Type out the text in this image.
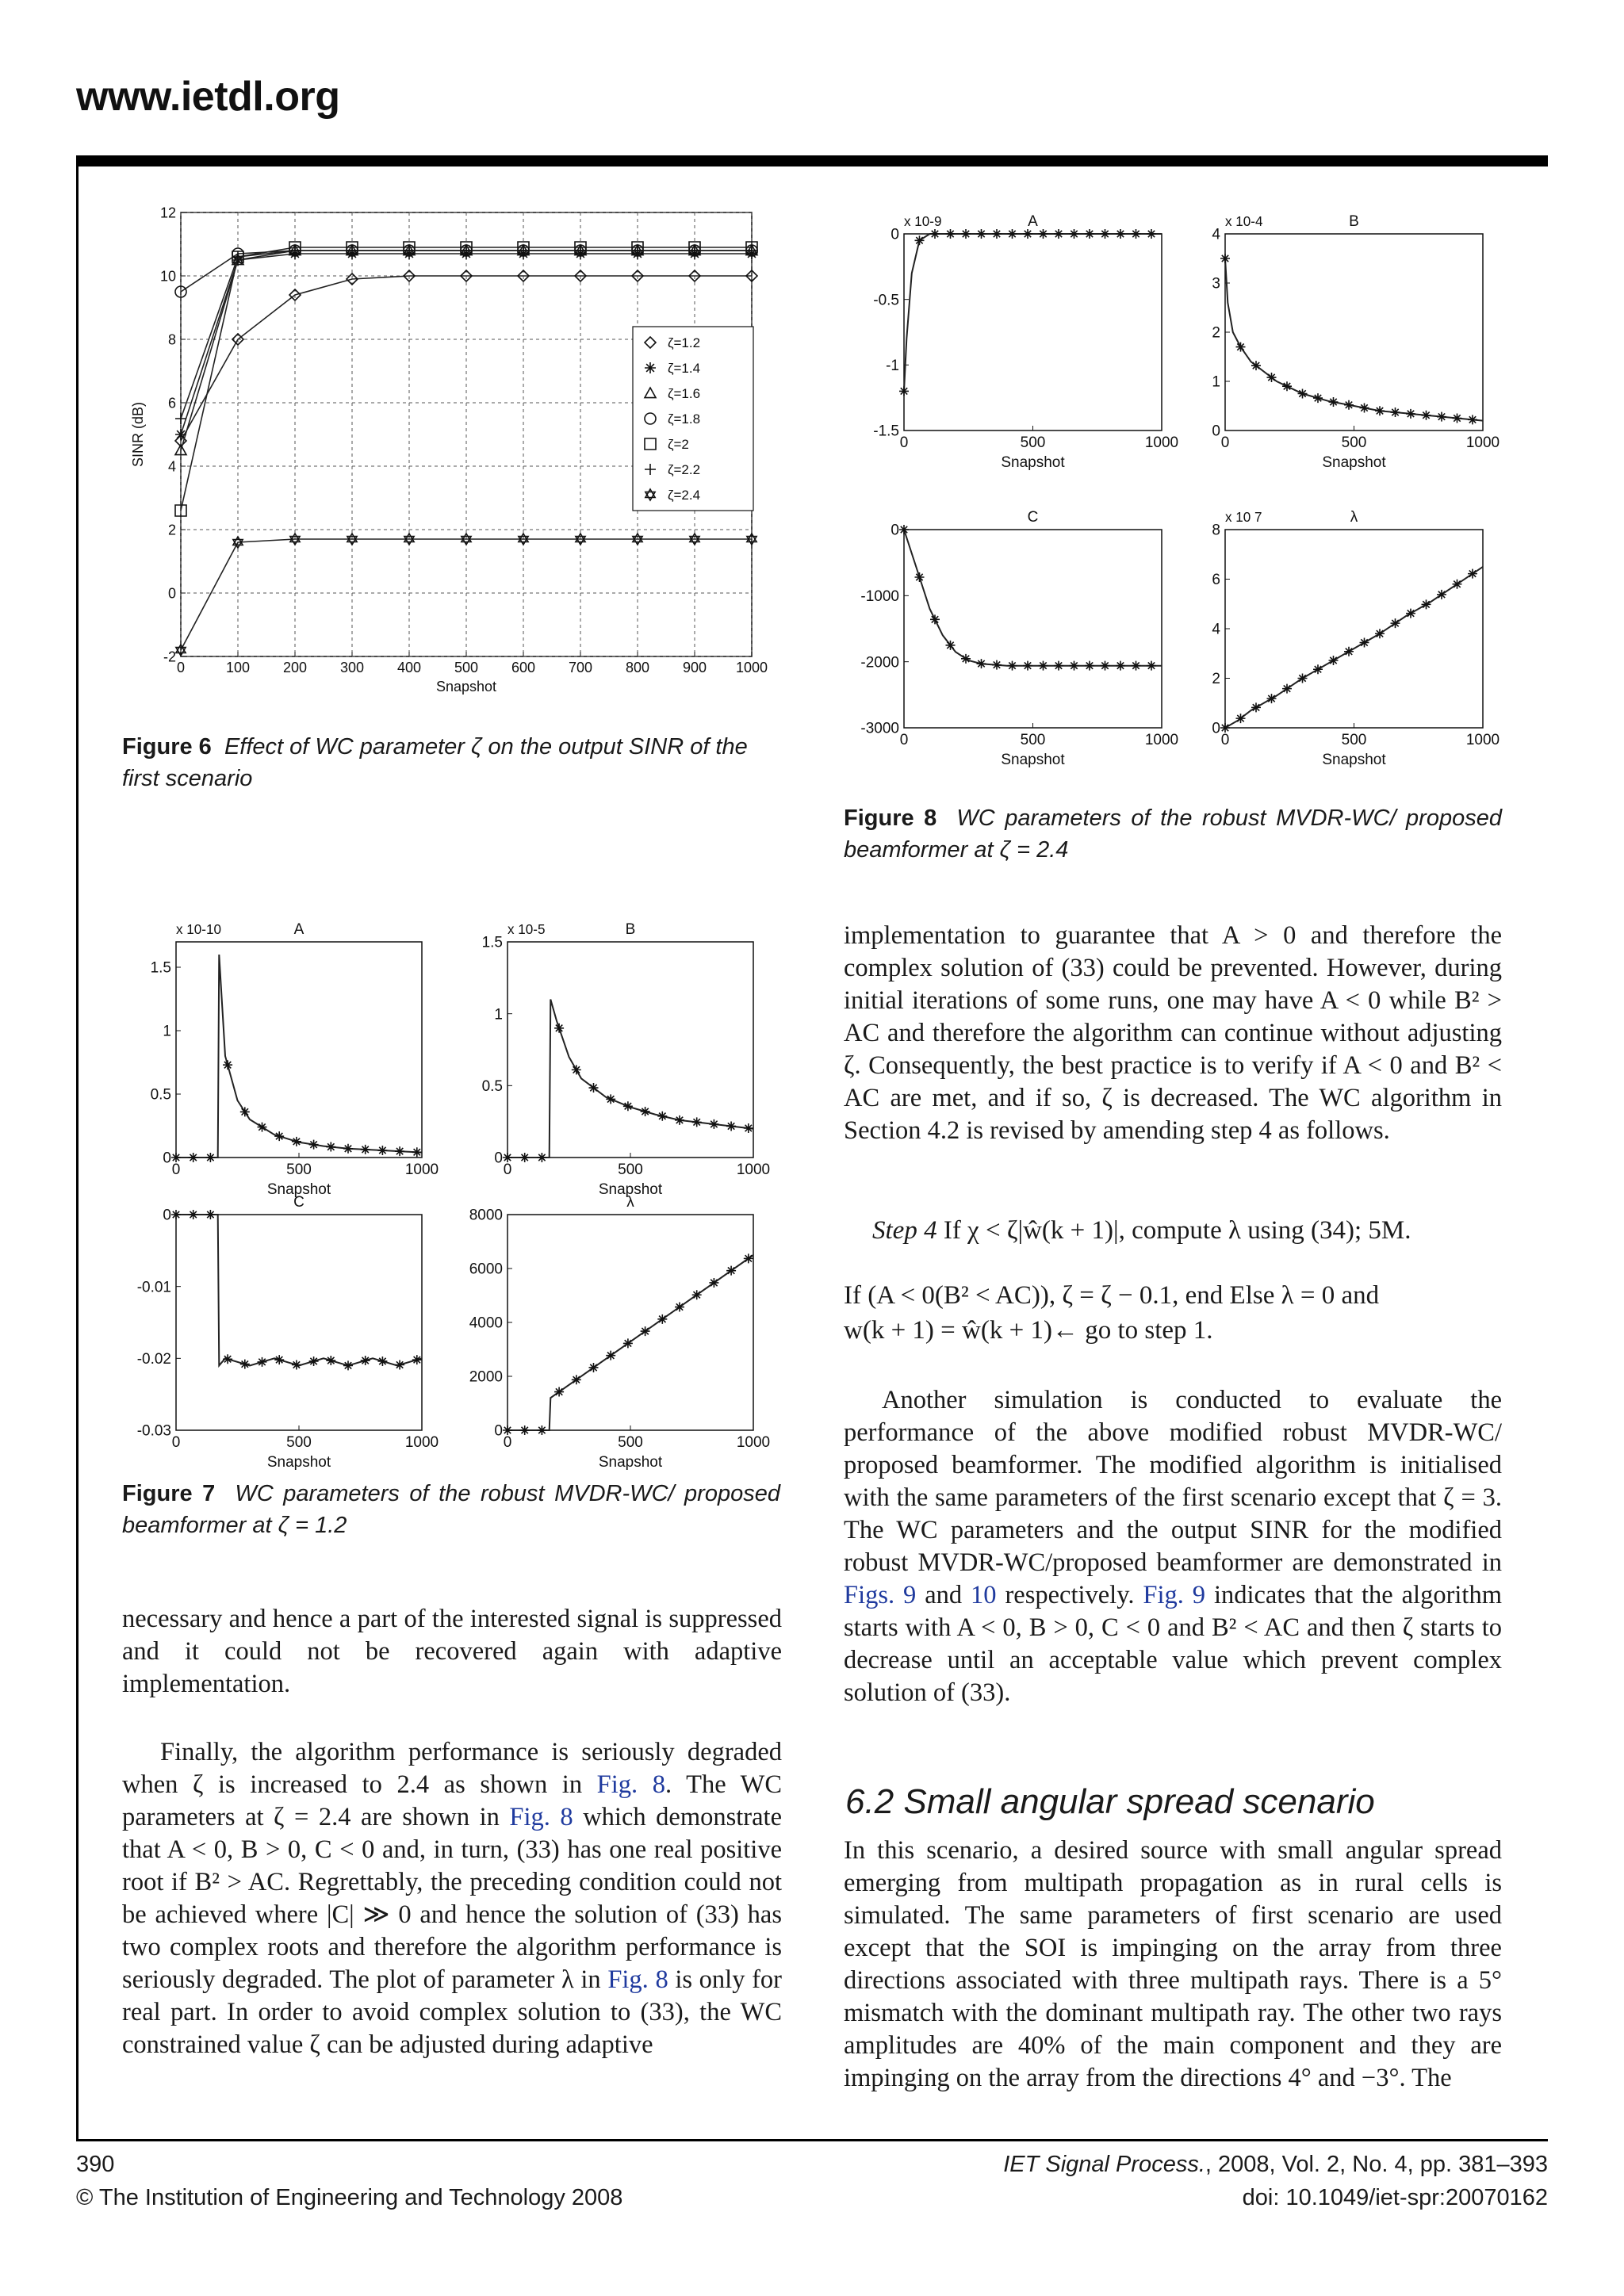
www.ietdl.org
0	100 200 300 400 500 600 700 800 900 1000
-2
0
2
4
6
8
10
12
Snapshot
SINR (dB)
ζ=1.2
ζ=1.4
ζ=1.6
ζ=1.8
ζ=2
ζ=2.2
ζ=2.4
Figure 6 Effect of WC parameter ζ on the output SINR of the first scenario
0	500	1000
-1.5
-1
-0.5
0
Snapshot
A
x 10-9
0	500	1000
0
1
2
3
4
Snapshot
B
x 10-4
0	500	1000
-3000
-2000
-1000
0
Snapshot
C
0	500	1000
0
2
4
6
8
Snapshot
λ
x 10 7
Figure 8 WC parameters of the robust MVDR-WC/ proposed beamformer at ζ = 2.4
0	500	1000
0
0.5
1
1.5
Snapshot
A
x 10-10
0	500	1000
0
0.5
1
1.5
Snapshot
B
x 10-5
0	500	1000
-0.03
-0.02
-0.01
0
Snapshot
C
0	500	1000
0
2000
4000
6000
8000
Snapshot
λ
Figure 7 WC parameters of the robust MVDR-WC/ proposed beamformer at ζ = 1.2

necessary and hence a part of the interested signal is suppressed and it could not be recovered again with adaptive implementation.

Finally, the algorithm performance is seriously degraded when ζ is increased to 2.4 as shown in Fig. 8. The WC parameters at ζ = 2.4 are shown in Fig. 8 which demonstrate that A < 0, B > 0, C < 0 and, in turn, (33) has one real positive root if B² > AC. Regrettably, the preceding condition could not be achieved where |C| ≫ 0 and hence the solution of (33) has two complex roots and therefore the algorithm performance is seriously degraded. The plot of parameter λ in Fig. 8 is only for real part. In order to avoid complex solution to (33), the WC constrained value ζ can be adjusted during adaptive

implementation to guarantee that A > 0 and therefore the complex solution of (33) could be prevented. However, during initial iterations of some runs, one may have A < 0 while B² > AC and therefore the algorithm can continue without adjusting ζ. Consequently, the best practice is to verify if A < 0 and B² < AC are met, and if so, ζ is decreased. The WC algorithm in Section 4.2 is revised by amending step 4 as follows.

Step 4 If χ < ζ|ŵ(k + 1)|, compute λ using (34); 5M.
If (A < 0(B² < AC)), ζ = ζ − 0.1, end Else λ = 0 and
w(k + 1) = ŵ(k + 1)← go to step 1.

Another simulation is conducted to evaluate the performance of the above modified robust MVDR-WC/ proposed beamformer. The modified algorithm is initialised with the same parameters of the first scenario except that ζ = 3. The WC parameters and the output SINR for the modified robust MVDR-WC/proposed beamformer are demonstrated in Figs. 9 and 10 respectively. Fig. 9 indicates that the algorithm starts with A < 0, B > 0, C < 0 and B² < AC and then ζ starts to decrease until an acceptable value which prevent complex solution of (33).

6.2 Small angular spread scenario

In this scenario, a desired source with small angular spread emerging from multipath propagation as in rural cells is simulated. The same parameters of first scenario are used except that the SOI is impinging on the array from three directions associated with three multipath rays. There is a 5° mismatch with the dominant multipath ray. The other two rays amplitudes are 40% of the main component and they are impinging on the array from the directions 4° and −3°. The

390
© The Institution of Engineering and Technology 2008
IET Signal Process., 2008, Vol. 2, No. 4, pp. 381–393
doi: 10.1049/iet-spr:20070162
